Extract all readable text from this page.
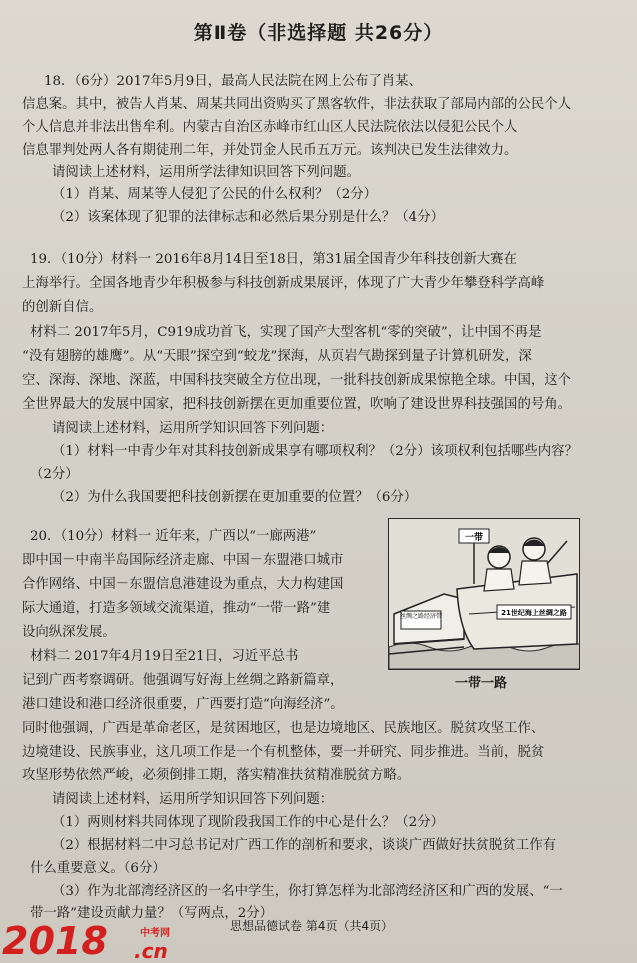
第Ⅱ卷（非选择题 共26分）
18．（6分）2017年5月9日，最高人民法院在网上公布了肖某、
信息案。其中，被告人肖某、周某共同出资购买了黑客软件，非法获取了部局内部的公民个人
个人信息并非法出售牟利。内蒙古自治区赤峰市红山区人民法院依法以侵犯公民个人
信息罪判处两人各有期徒刑二年，并处罚金人民币五万元。该判决已发生法律效力。
请阅读上述材料，运用所学法律知识回答下列问题。
（1）肖某、周某等人侵犯了公民的什么权利？（2分）
（2）该案体现了犯罪的法律标志和必然后果分别是什么？（4分）
19．（10分）材料一 2016年8月14日至18日，第31届全国青少年科技创新大赛在
上海举行。全国各地青少年积极参与科技创新成果展评，体现了广大青少年攀登科学高峰
的创新自信。
材料二 2017年5月，C919成功首飞，实现了国产大型客机“零的突破”，让中国不再是
“没有翅膀的雄鹰”。从“天眼”探空到“蛟龙”探海，从页岩气勘探到量子计算机研发，深
空、深海、深地、深蓝，中国科技突破全方位出现，一批科技创新成果惊艳全球。中国，这个
全世界最大的发展中国家，把科技创新摆在更加重要位置，吹响了建设世界科技强国的号角。
请阅读上述材料，运用所学知识回答下列问题：
（1）材料一中青少年对其科技创新成果享有哪项权利？（2分）该项权利包括哪些内容？
（2分）
（2）为什么我国要把科技创新摆在更加重要的位置？（6分）
20．（10分）材料一 近年来，广西以“一廊两港”
即中国－中南半岛国际经济走廊、中国－东盟港口城市
合作网络、中国－东盟信息港建设为重点，大力构建国
际大通道，打造多领域交流渠道，推动“一带一路”建
设向纵深发展。
材料二 2017年4月19日至21日，习近平总书
记到广西考察调研。他强调写好海上丝绸之路新篇章，
港口建设和港口经济很重要，广西要打造“向海经济”。
同时他强调，广西是革命老区，是贫困地区，也是边境地区、民族地区。脱贫攻坚工作、
边境建设、民族事业，这几项工作是一个有机整体，要一并研究、同步推进。当前，脱贫
攻坚形势依然严峻，必须倒排工期，落实精准扶贫精准脱贫方略。
请阅读上述材料，运用所学知识回答下列问题：
（1）两则材料共同体现了现阶段我国工作的中心是什么？（2分）
（2）根据材料二中习总书记对广西工作的剖析和要求，谈谈广西做好扶贫脱贫工作有
什么重要意义。（6分）
（3）作为北部湾经济区的一名中学生，你打算怎样为北部湾经济区和广西的发展、“一
带一路”建设贡献力量？（写两点，2分）
丝绸之路经济带	21世纪海上丝绸之路
一带
一带一路
思想品德试卷 第4页（共4页）
2018	中考网
.cn
